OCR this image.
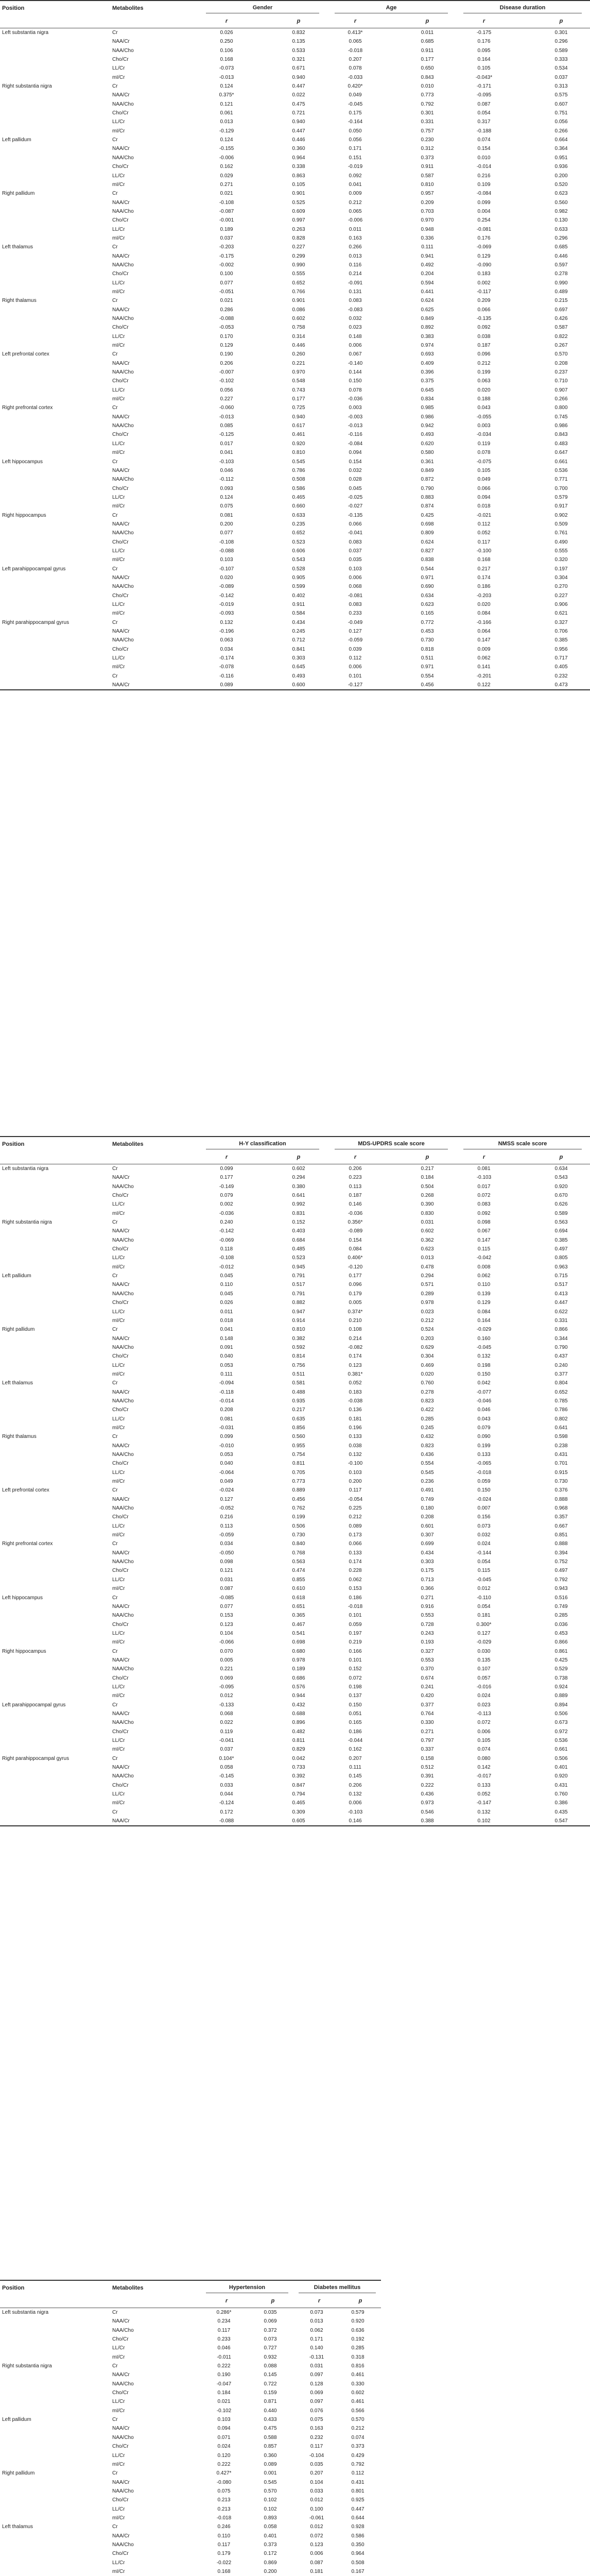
Position	Metabolites	Gender	Age	Disease duration
r	p	r	p	r	p
Left substantia nigra	Cr	0.026	0.832	0.413*	0.011	-0.175	0.301
NAA/Cr	0.250	0.135	0.065	0.685	0.176	0.296
NAA/Cho	0.106	0.533	-0.018	0.911	0.095	0.589
Cho/Cr	0.168	0.321	0.207	0.177	0.164	0.333
LL/Cr	-0.073	0.671	0.078	0.650	0.105	0.534
mI/Cr	-0.013	0.940	-0.033	0.843	-0.043*	0.037
Right substantia nigra	Cr	0.124	0.447	0.420*	0.010	-0.171	0.313
NAA/Cr	0.375*	0.022	0.049	0.773	-0.095	0.575
NAA/Cho	0.121	0.475	-0.045	0.792	0.087	0.607
Cho/Cr	0.061	0.721	0.175	0.301	0.054	0.751
LL/Cr	0.013	0.940	-0.164	0.331	0.317	0.056
mI/Cr	-0.129	0.447	0.050	0.757	-0.188	0.266
Left pallidum	Cr	0.124	0.446	0.056	0.230	0.074	0.664
NAA/Cr	-0.155	0.360	0.171	0.312	0.154	0.364
NAA/Cho	-0.006	0.964	0.151	0.373	0.010	0.951
Cho/Cr	0.162	0.338	-0.019	0.911	-0.014	0.936
LL/Cr	0.029	0.863	0.092	0.587	0.216	0.200
mI/Cr	0.271	0.105	0.041	0.810	0.109	0.520
Right pallidum	Cr	0.021	0.901	0.009	0.957	-0.084	0.623
NAA/Cr	-0.108	0.525	0.212	0.209	0.099	0.560
NAA/Cho	-0.087	0.609	0.065	0.703	0.004	0.982
Cho/Cr	-0.001	0.997	-0.006	0.970	0.254	0.130
LL/Cr	0.189	0.263	0.011	0.948	-0.081	0.633
mI/Cr	0.037	0.828	0.163	0.336	0.176	0.296
Left thalamus	Cr	-0.203	0.227	0.266	0.111	-0.069	0.685
NAA/Cr	-0.175	0.299	0.013	0.941	0.129	0.446
NAA/Cho	-0.002	0.990	0.116	0.492	-0.090	0.597
Cho/Cr	0.100	0.555	0.214	0.204	0.183	0.278
LL/Cr	0.077	0.652	-0.091	0.594	0.002	0.990
mI/Cr	-0.051	0.766	0.131	0.441	-0.117	0.489
Right thalamus	Cr	0.021	0.901	0.083	0.624	0.209	0.215
NAA/Cr	0.286	0.086	-0.083	0.625	0.066	0.697
NAA/Cho	-0.088	0.602	0.032	0.849	-0.135	0.426
Cho/Cr	-0.053	0.758	0.023	0.892	0.092	0.587
LL/Cr	0.170	0.314	0.148	0.383	0.038	0.822
mI/Cr	0.129	0.446	0.006	0.974	0.187	0.267
Left prefrontal cortex	Cr	0.190	0.260	0.067	0.693	0.096	0.570
NAA/Cr	0.206	0.221	-0.140	0.409	0.212	0.208
NAA/Cho	-0.007	0.970	0.144	0.396	0.199	0.237
Cho/Cr	-0.102	0.548	0.150	0.375	0.063	0.710
LL/Cr	0.056	0.743	0.078	0.645	0.020	0.907
mI/Cr	0.227	0.177	-0.036	0.834	0.188	0.266
Right prefrontal cortex	Cr	-0.060	0.725	0.003	0.985	0.043	0.800
NAA/Cr	-0.013	0.940	-0.003	0.986	-0.055	0.745
NAA/Cho	0.085	0.617	-0.013	0.942	0.003	0.986
Cho/Cr	-0.125	0.461	-0.116	0.493	-0.034	0.843
LL/Cr	0.017	0.920	-0.084	0.620	0.119	0.483
mI/Cr	0.041	0.810	0.094	0.580	0.078	0.647
Left hippocampus	Cr	-0.103	0.545	0.154	0.361	-0.075	0.661
NAA/Cr	0.046	0.786	0.032	0.849	0.105	0.536
NAA/Cho	-0.112	0.508	0.028	0.872	0.049	0.771
Cho/Cr	0.093	0.586	0.045	0.790	0.066	0.700
LL/Cr	0.124	0.465	-0.025	0.883	0.094	0.579
mI/Cr	0.075	0.660	-0.027	0.874	0.018	0.917
Right hippocampus	Cr	0.081	0.633	-0.135	0.425	-0.021	0.902
NAA/Cr	0.200	0.235	0.066	0.698	0.112	0.509
NAA/Cho	0.077	0.652	-0.041	0.809	0.052	0.761
Cho/Cr	-0.108	0.523	0.083	0.624	0.117	0.490
LL/Cr	-0.088	0.606	0.037	0.827	-0.100	0.555
mI/Cr	0.103	0.543	0.035	0.838	0.168	0.320
Left parahippocampal gyrus	Cr	-0.107	0.528	0.103	0.544	0.217	0.197
NAA/Cr	0.020	0.905	0.006	0.971	0.174	0.304
NAA/Cho	-0.089	0.599	0.068	0.690	0.186	0.270
Cho/Cr	-0.142	0.402	-0.081	0.634	-0.203	0.227
LL/Cr	-0.019	0.911	0.083	0.623	0.020	0.906
mI/Cr	-0.093	0.584	0.233	0.165	0.084	0.621
Right parahippocampal gyrus	Cr	0.132	0.434	-0.049	0.772	-0.166	0.327
NAA/Cr	-0.196	0.245	0.127	0.453	0.064	0.706
NAA/Cho	0.063	0.712	-0.059	0.730	0.147	0.385
Cho/Cr	0.034	0.841	0.039	0.818	0.009	0.956
LL/Cr	-0.174	0.303	0.112	0.511	0.062	0.717
mI/Cr	-0.078	0.645	0.006	0.971	0.141	0.405
Cr	-0.116	0.493	0.101	0.554	-0.201	0.232
NAA/Cr	0.089	0.600	-0.127	0.456	0.122	0.473
Position	Metabolites	H-Y classification	MDS-UPDRS scale score	NMSS scale score
r	p	r	p	r	p
Left substantia nigra	Cr	0.099	0.602	0.206	0.217	0.081	0.634
NAA/Cr	0.177	0.294	0.223	0.184	-0.103	0.543
NAA/Cho	-0.149	0.380	0.113	0.504	0.017	0.920
Cho/Cr	0.079	0.641	0.187	0.268	0.072	0.670
LL/Cr	0.002	0.992	0.146	0.390	0.083	0.626
mI/Cr	-0.036	0.831	-0.036	0.830	0.092	0.589
Right substantia nigra	Cr	0.240	0.152	0.356*	0.031	0.098	0.563
NAA/Cr	-0.142	0.403	-0.089	0.602	0.067	0.694
NAA/Cho	-0.069	0.684	0.154	0.362	0.147	0.385
Cho/Cr	0.118	0.485	0.084	0.623	0.115	0.497
LL/Cr	-0.108	0.523	0.406*	0.013	-0.042	0.805
mI/Cr	-0.012	0.945	-0.120	0.478	0.008	0.963
Left pallidum	Cr	0.045	0.791	0.177	0.294	0.062	0.715
NAA/Cr	0.110	0.517	0.096	0.571	0.110	0.517
NAA/Cho	0.045	0.791	0.179	0.289	0.139	0.413
Cho/Cr	0.026	0.882	0.005	0.978	0.129	0.447
LL/Cr	0.011	0.947	0.374*	0.023	0.084	0.622
mI/Cr	0.018	0.914	0.210	0.212	0.164	0.331
Right pallidum	Cr	0.041	0.810	0.108	0.524	-0.029	0.866
NAA/Cr	0.148	0.382	0.214	0.203	0.160	0.344
NAA/Cho	0.091	0.592	-0.082	0.629	-0.045	0.790
Cho/Cr	0.040	0.814	0.174	0.304	0.132	0.437
LL/Cr	0.053	0.756	0.123	0.469	0.198	0.240
mI/Cr	0.111	0.511	0.381*	0.020	0.150	0.377
Left thalamus	Cr	-0.094	0.581	0.052	0.760	0.042	0.804
NAA/Cr	-0.118	0.488	0.183	0.278	-0.077	0.652
NAA/Cho	-0.014	0.935	-0.038	0.823	-0.046	0.785
Cho/Cr	0.208	0.217	0.136	0.422	0.046	0.786
LL/Cr	0.081	0.635	0.181	0.285	0.043	0.802
mI/Cr	-0.031	0.856	0.196	0.245	0.079	0.641
Right thalamus	Cr	0.099	0.560	0.133	0.432	0.090	0.598
NAA/Cr	-0.010	0.955	0.038	0.823	0.199	0.238
NAA/Cho	0.053	0.754	0.132	0.436	0.133	0.431
Cho/Cr	0.040	0.811	-0.100	0.554	-0.065	0.701
LL/Cr	-0.064	0.705	0.103	0.545	-0.018	0.915
mI/Cr	0.049	0.773	0.200	0.236	0.059	0.730
Left prefrontal cortex	Cr	-0.024	0.889	0.117	0.491	0.150	0.376
NAA/Cr	0.127	0.456	-0.054	0.749	-0.024	0.888
NAA/Cho	-0.052	0.762	0.225	0.180	0.007	0.968
Cho/Cr	0.216	0.199	0.212	0.208	0.156	0.357
LL/Cr	0.113	0.506	0.089	0.601	0.073	0.667
mI/Cr	-0.059	0.730	0.173	0.307	0.032	0.851
Right prefrontal cortex	Cr	0.034	0.840	0.066	0.699	0.024	0.888
NAA/Cr	-0.050	0.768	0.133	0.434	-0.144	0.394
NAA/Cho	0.098	0.563	0.174	0.303	0.054	0.752
Cho/Cr	0.121	0.474	0.228	0.175	0.115	0.497
LL/Cr	0.031	0.855	0.062	0.713	-0.045	0.792
mI/Cr	0.087	0.610	0.153	0.366	0.012	0.943
Left hippocampus	Cr	-0.085	0.618	0.186	0.271	-0.110	0.516
NAA/Cr	0.077	0.651	-0.018	0.916	0.054	0.749
NAA/Cho	0.153	0.365	0.101	0.553	0.181	0.285
Cho/Cr	0.123	0.467	0.059	0.728	0.300*	0.036
LL/Cr	0.104	0.541	0.197	0.243	0.127	0.453
mI/Cr	-0.066	0.698	0.219	0.193	-0.029	0.866
Right hippocampus	Cr	0.070	0.680	0.166	0.327	0.030	0.861
NAA/Cr	0.005	0.978	0.101	0.553	0.135	0.425
NAA/Cho	0.221	0.189	0.152	0.370	0.107	0.529
Cho/Cr	0.069	0.686	0.072	0.674	0.057	0.738
LL/Cr	-0.095	0.576	0.198	0.241	-0.016	0.924
mI/Cr	0.012	0.944	0.137	0.420	0.024	0.889
Left parahippocampal gyrus	Cr	-0.133	0.432	0.150	0.377	0.023	0.894
NAA/Cr	0.068	0.688	0.051	0.764	-0.113	0.506
NAA/Cho	0.022	0.896	0.165	0.330	0.072	0.673
Cho/Cr	0.119	0.482	0.186	0.271	0.006	0.972
LL/Cr	-0.041	0.811	-0.044	0.797	0.105	0.536
mI/Cr	0.037	0.829	0.162	0.337	0.074	0.661
Right parahippocampal gyrus	Cr	0.104*	0.042	0.207	0.158	0.080	0.506
NAA/Cr	0.058	0.733	0.111	0.512	0.142	0.401
NAA/Cho	-0.145	0.392	0.145	0.391	-0.017	0.920
Cho/Cr	0.033	0.847	0.206	0.222	0.133	0.431
LL/Cr	0.044	0.794	0.132	0.436	0.052	0.760
mI/Cr	-0.124	0.465	0.006	0.973	-0.147	0.386
Cr	0.172	0.309	-0.103	0.546	0.132	0.435
NAA/Cr	-0.088	0.605	0.146	0.388	0.102	0.547
Position	Metabolites	Hypertension	Diabetes mellitus
r	p	r	p
Left substantia nigra	Cr	0.286*	0.035	0.073	0.579
NAA/Cr	0.234	0.069	0.013	0.920
NAA/Cho	0.117	0.372	0.062	0.636
Cho/Cr	0.233	0.073	0.171	0.192
LL/Cr	0.046	0.727	0.140	0.285
mI/Cr	-0.011	0.932	-0.131	0.318
Right substantia nigra	Cr	0.222	0.088	0.031	0.816
NAA/Cr	0.190	0.145	0.097	0.461
NAA/Cho	-0.047	0.722	0.128	0.330
Cho/Cr	0.184	0.159	0.069	0.602
LL/Cr	0.021	0.871	0.097	0.461
mI/Cr	-0.102	0.440	0.076	0.566
Left pallidum	Cr	0.103	0.433	0.075	0.570
NAA/Cr	0.094	0.475	0.163	0.212
NAA/Cho	0.071	0.588	0.232	0.074
Cho/Cr	0.024	0.857	0.117	0.373
LL/Cr	0.120	0.360	-0.104	0.429
mI/Cr	0.222	0.089	0.035	0.792
Right pallidum	Cr	0.427*	0.001	0.207	0.112
NAA/Cr	-0.080	0.545	0.104	0.431
NAA/Cho	0.075	0.570	0.033	0.801
Cho/Cr	0.213	0.102	0.012	0.925
LL/Cr	0.213	0.102	0.100	0.447
mI/Cr	-0.018	0.893	-0.061	0.644
Left thalamus	Cr	0.246	0.058	0.012	0.928
NAA/Cr	0.110	0.401	0.072	0.586
NAA/Cho	0.117	0.373	0.123	0.350
Cho/Cr	0.179	0.172	0.006	0.964
LL/Cr	-0.022	0.869	0.087	0.508
mI/Cr	0.168	0.200	0.181	0.167
